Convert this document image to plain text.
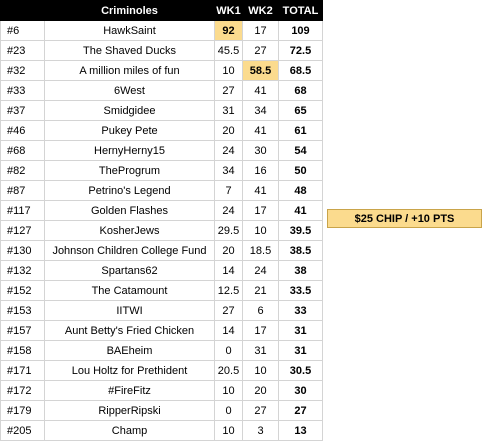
	Criminoles	WK1	WK2	TOTAL
#6	HawkSaint	92	17	109
#23	The Shaved Ducks	45.5	27	72.5
#32	A million miles of fun	10	58.5	68.5
#33	6West	27	41	68
#37	Smidgidee	31	34	65
#46	Pukey Pete	20	41	61
#68	HernyHerny15	24	30	54
#82	TheProgrum	34	16	50
#87	Petrino's Legend	7	41	48
#117	Golden Flashes	24	17	41
#127	KosherJews	29.5	10	39.5
#130	Johnson Children College Fund	20	18.5	38.5
#132	Spartans62	14	24	38
#152	The Catamount	12.5	21	33.5
#153	IITWI	27	6	33
#157	Aunt Betty's Fried Chicken	14	17	31
#158	BAEheim	0	31	31
#171	Lou Holtz for Prethident	20.5	10	30.5
#172	#FireFitz	10	20	30
#179	RipperRipski	0	27	27
#205	Champ	10	3	13
$25 CHIP / +10 PTS
